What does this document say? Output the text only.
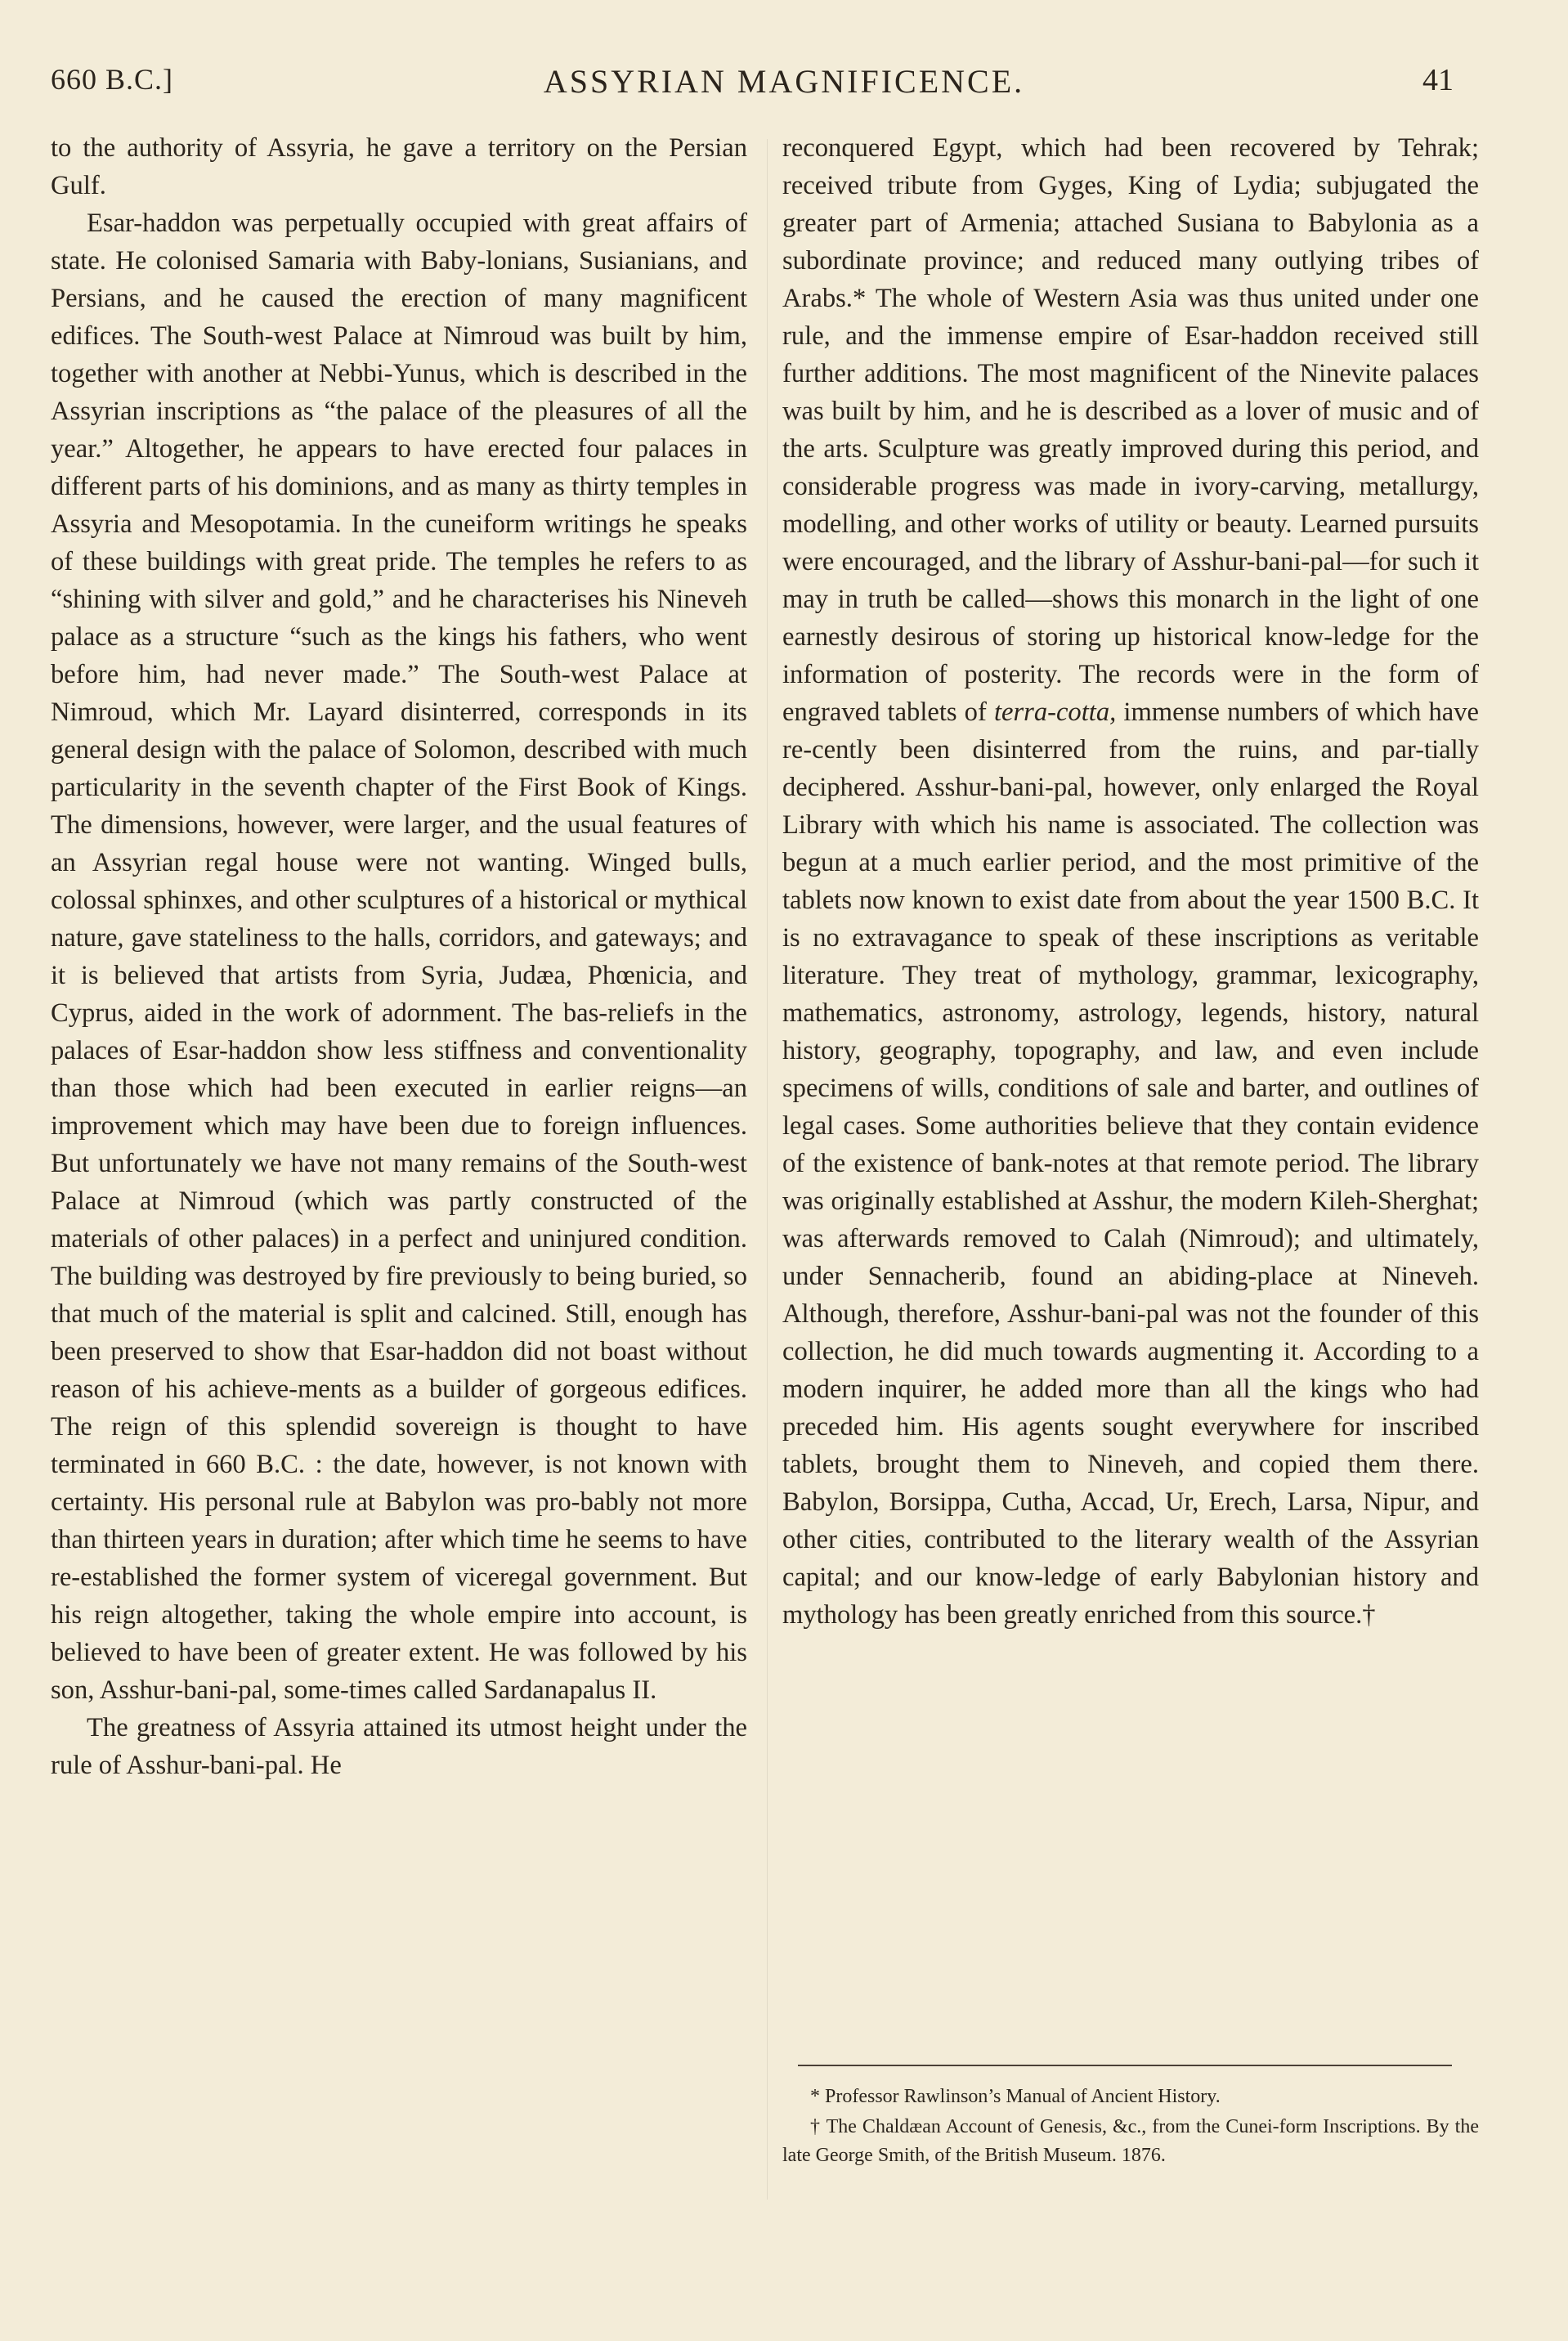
660 B.C.]	ASSYRIAN MAGNIFICENCE.	41

to the authority of Assyria, he gave a territory on the Persian Gulf.

Esar-haddon was perpetually occupied with great affairs of state. He colonised Samaria with Baby-lonians, Susianians, and Persians, and he caused the erection of many magnificent edifices. The South-west Palace at Nimroud was built by him, together with another at Nebbi-Yunus, which is described in the Assyrian inscriptions as “the palace of the pleasures of all the year.” Altogether, he appears to have erected four palaces in different parts of his dominions, and as many as thirty temples in Assyria and Mesopotamia. In the cuneiform writings he speaks of these buildings with great pride. The temples he refers to as “shining with silver and gold,” and he characterises his Nineveh palace as a structure “such as the kings his fathers, who went before him, had never made.” The South-west Palace at Nimroud, which Mr. Layard disinterred, corresponds in its general design with the palace of Solomon, described with much particularity in the seventh chapter of the First Book of Kings. The dimensions, however, were larger, and the usual features of an Assyrian regal house were not wanting. Winged bulls, colossal sphinxes, and other sculptures of a historical or mythical nature, gave stateliness to the halls, corridors, and gateways; and it is believed that artists from Syria, Judæa, Phœnicia, and Cyprus, aided in the work of adornment. The bas-reliefs in the palaces of Esar-haddon show less stiffness and conventionality than those which had been executed in earlier reigns—an improvement which may have been due to foreign influences. But unfortunately we have not many remains of the South-west Palace at Nimroud (which was partly constructed of the materials of other palaces) in a perfect and uninjured condition. The building was destroyed by fire previously to being buried, so that much of the material is split and calcined. Still, enough has been preserved to show that Esar-haddon did not boast without reason of his achieve-ments as a builder of gorgeous edifices. The reign of this splendid sovereign is thought to have terminated in 660 B.C. : the date, however, is not known with certainty. His personal rule at Babylon was pro-bably not more than thirteen years in duration; after which time he seems to have re-established the former system of viceregal government. But his reign altogether, taking the whole empire into account, is believed to have been of greater extent. He was followed by his son, Asshur-bani-pal, some-times called Sardanapalus II.

The greatness of Assyria attained its utmost height under the rule of Asshur-bani-pal. He

reconquered Egypt, which had been recovered by Tehrak; received tribute from Gyges, King of Lydia; subjugated the greater part of Armenia; attached Susiana to Babylonia as a subordinate province; and reduced many outlying tribes of Arabs.* The whole of Western Asia was thus united under one rule, and the immense empire of Esar-haddon received still further additions. The most magnificent of the Ninevite palaces was built by him, and he is described as a lover of music and of the arts. Sculpture was greatly improved during this period, and considerable progress was made in ivory-carving, metallurgy, modelling, and other works of utility or beauty. Learned pursuits were encouraged, and the library of Asshur-bani-pal—for such it may in truth be called—shows this monarch in the light of one earnestly desirous of storing up historical know-ledge for the information of posterity. The records were in the form of engraved tablets of terra-cotta, immense numbers of which have re-cently been disinterred from the ruins, and par-tially deciphered. Asshur-bani-pal, however, only enlarged the Royal Library with which his name is associated. The collection was begun at a much earlier period, and the most primitive of the tablets now known to exist date from about the year 1500 B.C. It is no extravagance to speak of these inscriptions as veritable literature. They treat of mythology, grammar, lexicography, mathematics, astronomy, astrology, legends, history, natural history, geography, topography, and law, and even include specimens of wills, conditions of sale and barter, and outlines of legal cases. Some authorities believe that they contain evidence of the existence of bank-notes at that remote period. The library was originally established at Asshur, the modern Kileh-Sherghat; was afterwards removed to Calah (Nimroud); and ultimately, under Sennacherib, found an abiding-place at Nineveh. Although, therefore, Asshur-bani-pal was not the founder of this collection, he did much towards augmenting it. According to a modern inquirer, he added more than all the kings who had preceded him. His agents sought everywhere for inscribed tablets, brought them to Nineveh, and copied them there. Babylon, Borsippa, Cutha, Accad, Ur, Erech, Larsa, Nipur, and other cities, contributed to the literary wealth of the Assyrian capital; and our know-ledge of early Babylonian history and mythology has been greatly enriched from this source.†

* Professor Rawlinson’s Manual of Ancient History.
† The Chaldæan Account of Genesis, &c., from the Cunei-form Inscriptions. By the late George Smith, of the British Museum. 1876.
